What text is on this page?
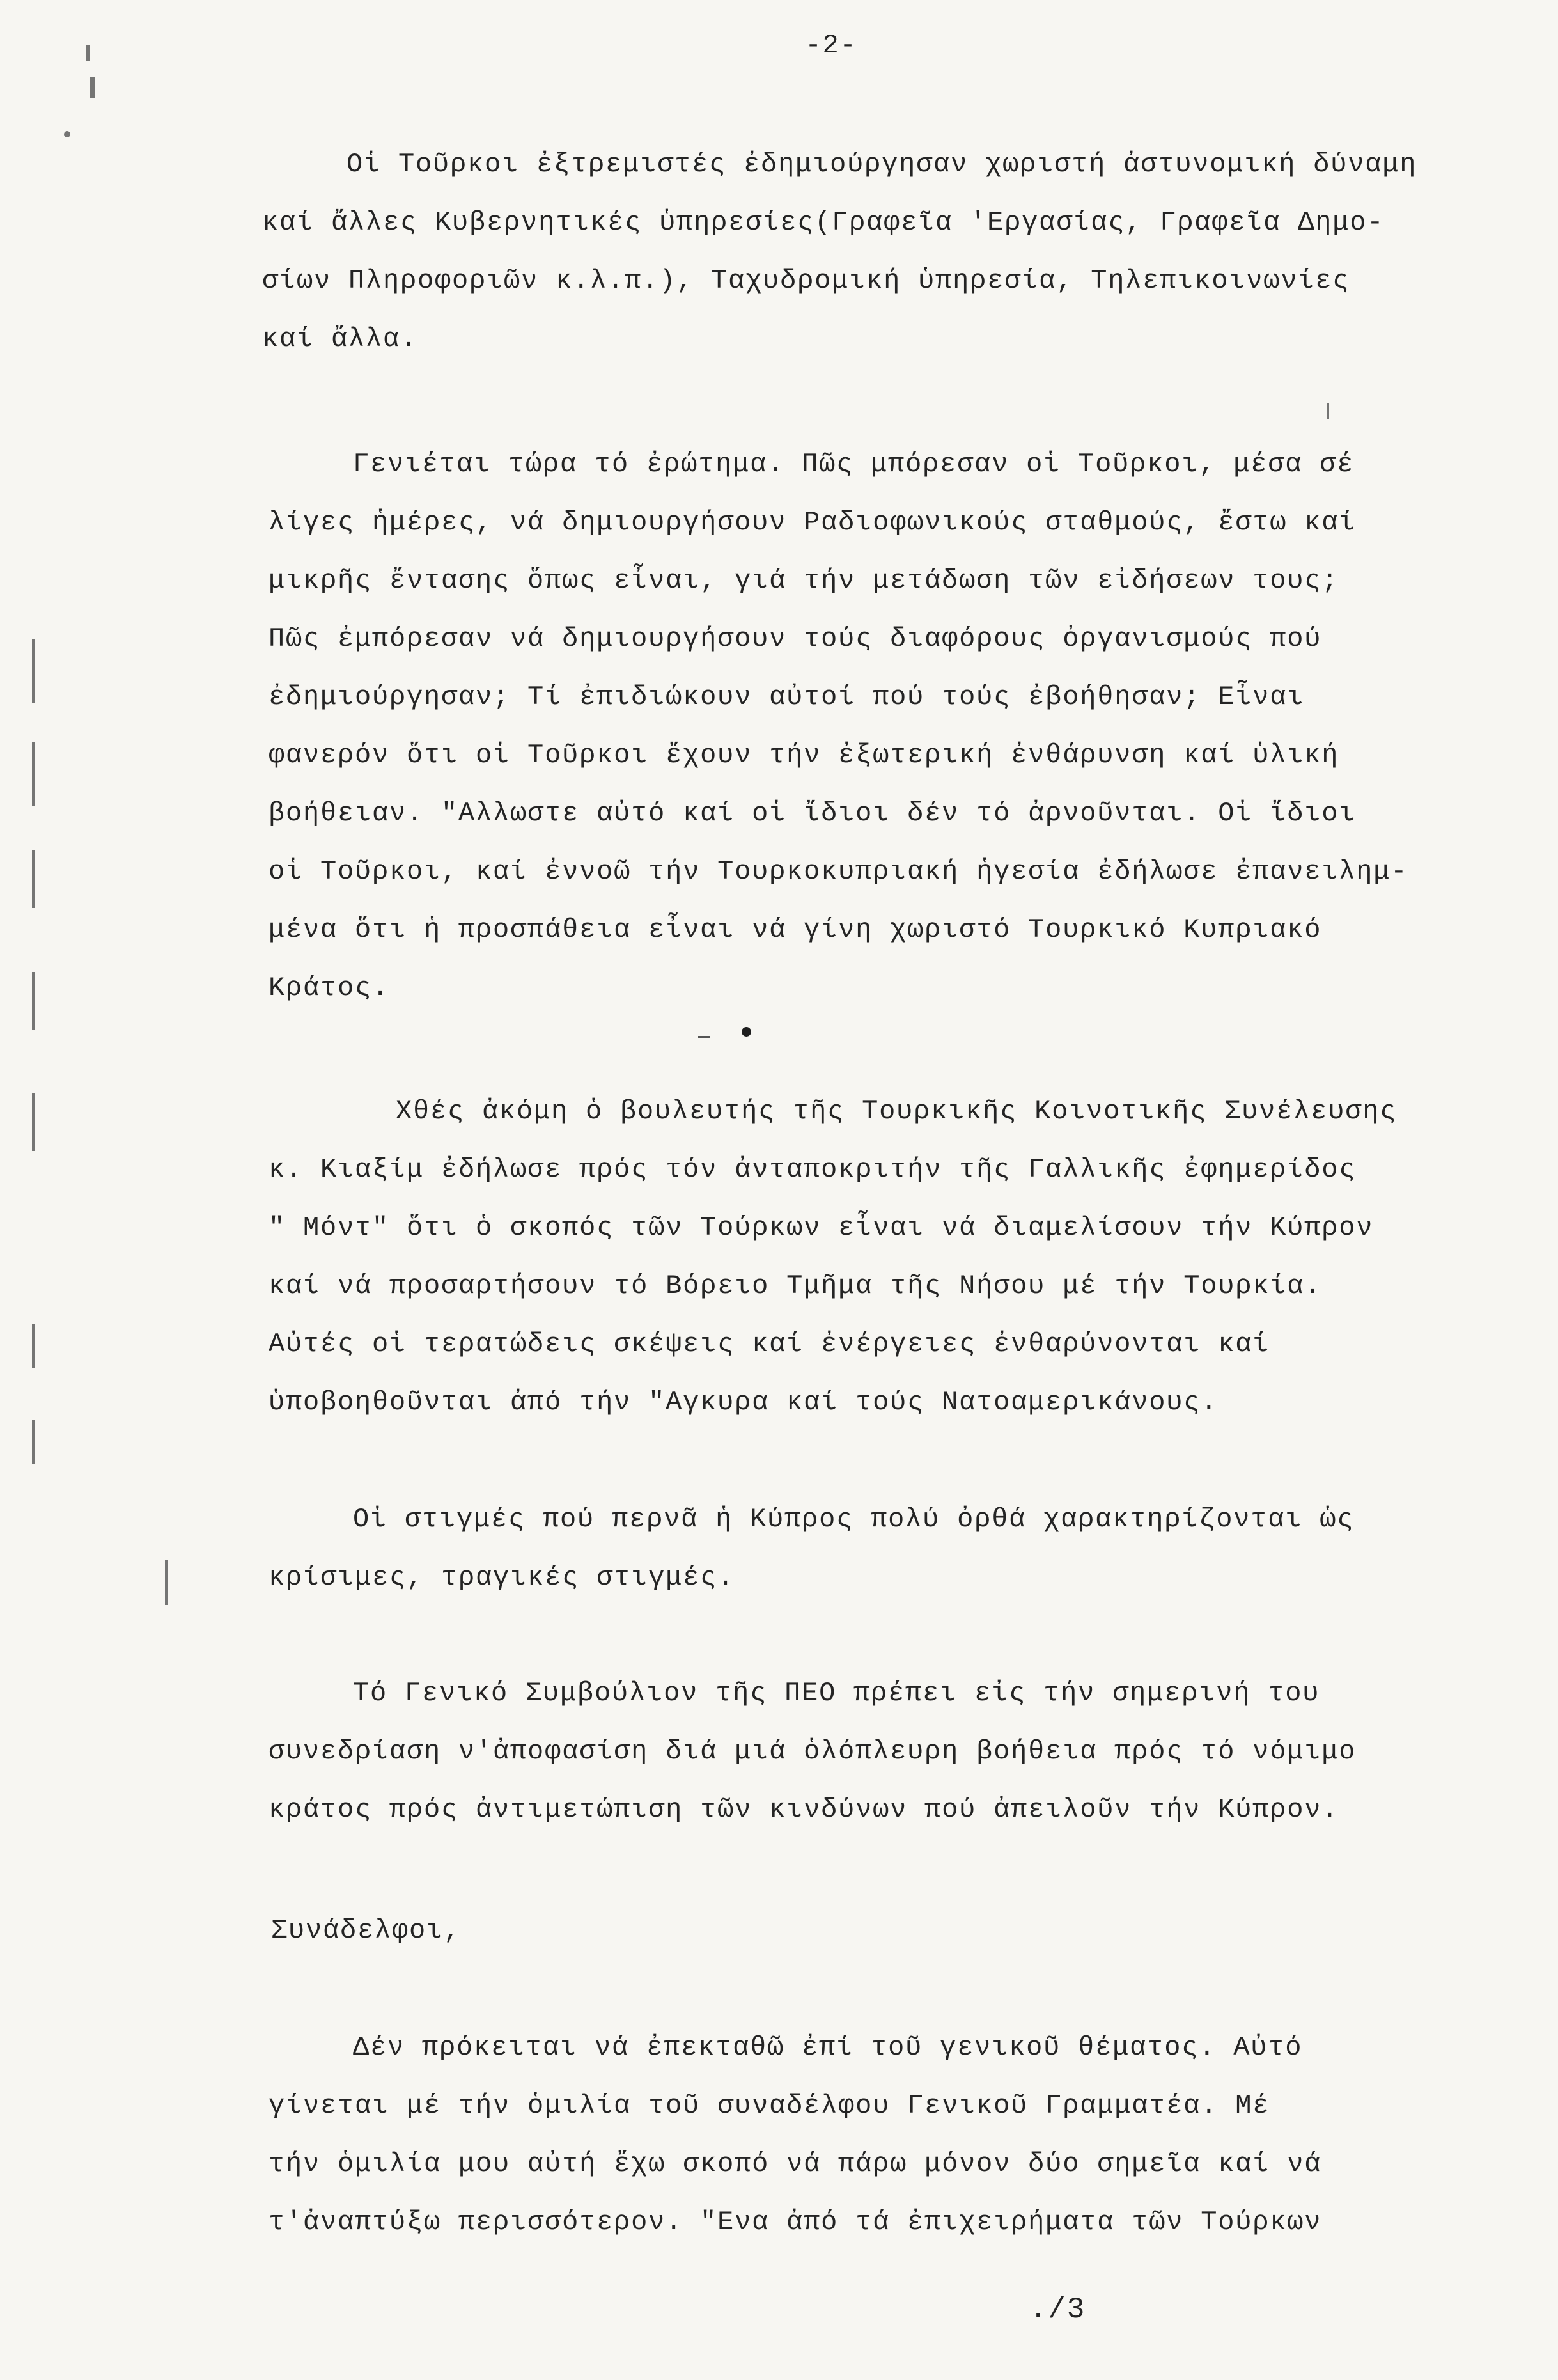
-2-
Οἱ Τοῦρκοι ἐξτρεμιστές ἐδημιούργησαν χωριστή ἀστυνομική δύναμη
καί ἄλλες Κυβερνητικές ὑπηρεσίες(Γραφεῖα 'Εργασίας, Γραφεῖα Δημο-
σίων Πληροφοριῶν κ.λ.π.), Ταχυδρομική ὑπηρεσία, Τηλεπικοινωνίες
καί ἄλλα.
Γενιέται τώρα τό ἐρώτημα. Πῶς μπόρεσαν οἱ Τοῦρκοι, μέσα σέ
λίγες ἡμέρες, νά δημιουργήσουν Ραδιοφωνικούς σταθμούς, ἔστω καί
μικρῆς ἔντασης ὅπως εἶναι, γιά τήν μετάδωση τῶν εἰδήσεων τους;
Πῶς ἐμπόρεσαν νά δημιουργήσουν τούς διαφόρους ὀργανισμούς πού
ἐδημιούργησαν; Τί ἐπιδιώκουν αὐτοί πού τούς ἐβοήθησαν; Εἶναι
φανερόν ὅτι οἱ Τοῦρκοι ἔχουν τήν ἐξωτερική ἐνθάρυνση καί ὑλική
βοήθειαν. "Αλλωστε αὐτό καί οἱ ἴδιοι δέν τό ἀρνοῦνται. Οἱ ἴδιοι
οἱ Τοῦρκοι, καί ἐννοῶ τήν Τουρκοκυπριακή ἡγεσία ἐδήλωσε ἐπανειλημ-
μένα ὅτι ἡ προσπάθεια εἶναι νά γίνη χωριστό Τουρκικό Κυπριακό
Κράτος.
Χθές ἀκόμη ὁ βουλευτής τῆς Τουρκικῆς Κοινοτικῆς Συνέλευσης
κ. Κιαξίμ ἐδήλωσε πρός τόν ἀνταποκριτήν τῆς Γαλλικῆς ἐφημερίδος
" Μόντ" ὅτι ὁ σκοπός τῶν Τούρκων εἶναι νά διαμελίσουν τήν Κύπρον
καί νά προσαρτήσουν τό Βόρειο Τμῆμα τῆς Νήσου μέ τήν Τουρκία.
Αὐτές οἱ τερατώδεις σκέψεις καί ἐνέργειες ἐνθαρύνονται καί
ὑποβοηθοῦνται ἀπό τήν "Αγκυρα καί τούς Νατοαμερικάνους.
Οἱ στιγμές πού περνᾶ ἡ Κύπρος πολύ ὀρθά χαρακτηρίζονται ὡς
κρίσιμες, τραγικές στιγμές.
Τό Γενικό Συμβούλιον τῆς ΠΕΟ πρέπει εἰς τήν σημερινή του
συνεδρίαση ν'ἀποφασίση διά μιά ὁλόπλευρη βοήθεια πρός τό νόμιμο
κράτος πρός ἀντιμετώπιση τῶν κινδύνων πού ἀπειλοῦν τήν Κύπρον.
Συνάδελφοι,
Δέν πρόκειται νά ἐπεκταθῶ ἐπί τοῦ γενικοῦ θέματος. Αὐτό
γίνεται μέ τήν ὁμιλία τοῦ συναδέλφου Γενικοῦ Γραμματέα. Μέ
τήν ὁμιλία μου αὐτή ἔχω σκοπό νά πάρω μόνον δύο σημεῖα καί νά
τ'ἀναπτύξω περισσότερον. "Ενα ἀπό τά ἐπιχειρήματα τῶν Τούρκων
./3
